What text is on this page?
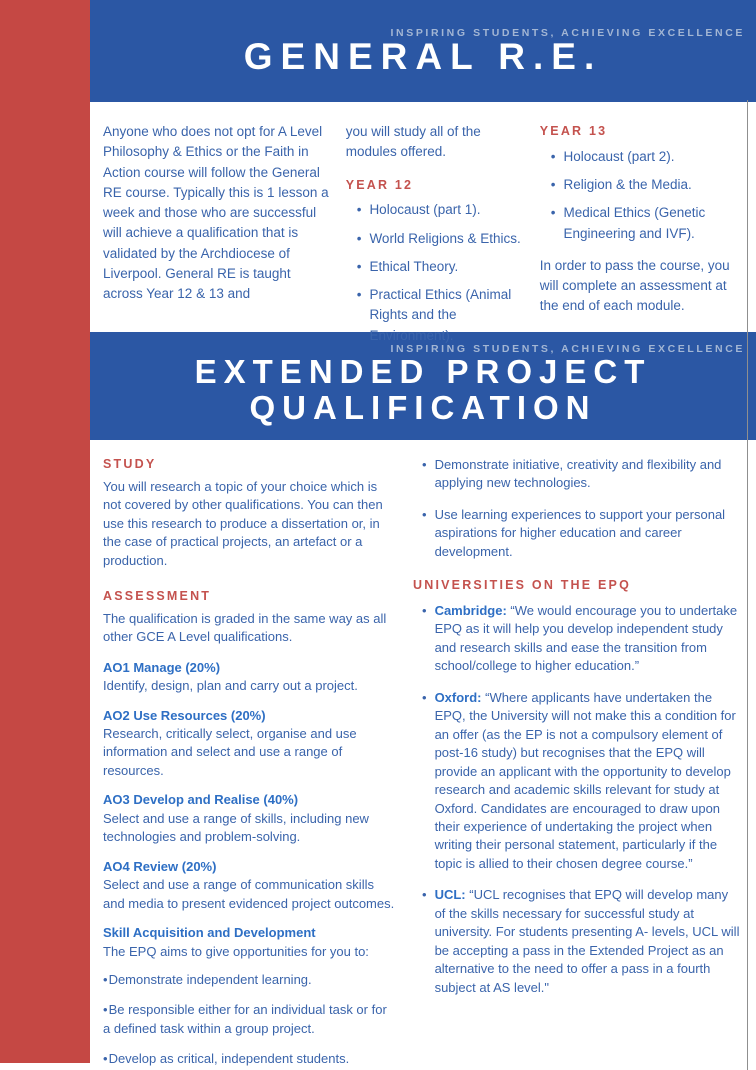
INSPIRING STUDENTS, ACHIEVING EXCELLENCE
GENERAL R.E.

Anyone who does not opt for A Level Philosophy & Ethics or the Faith in Action course will follow the General RE course. Typically this is 1 lesson a week and those who are successful will achieve a qualification that is validated by the Archdiocese of Liverpool. General RE is taught across Year 12 & 13 and

you will study all of the modules offered.

YEAR 12
• Holocaust (part 1).
• World Religions & Ethics.
• Ethical Theory.
• Practical Ethics (Animal Rights and the Environment).
YEAR 13
• Holocaust (part 2).
• Religion & the Media.
• Medical Ethics (Genetic Engineering and IVF).

In order to pass the course, you will complete an assessment at the end of each module.

INSPIRING STUDENTS, ACHIEVING EXCELLENCE
EXTENDED PROJECT
QUALIFICATION
STUDY

You will research a topic of your choice which is not covered by other qualifications. You can then use this research to produce a dissertation or, in the case of practical projects, an artefact or a production.

ASSESSMENT

The qualification is graded in the same way as all other GCE A Level qualifications.

AO1 Manage (20%)

Identify, design, plan and carry out a project.

AO2 Use Resources (20%)

Research, critically select, organise and use information and select and use a range of resources.

AO3 Develop and Realise (40%)

Select and use a range of skills, including new technologies and problem-solving.

AO4 Review (20%)

Select and use a range of communication skills and media to present evidenced project outcomes.

Skill Acquisition and Development

The EPQ aims to give opportunities for you to:

•Demonstrate independent learning.

•Be responsible either for an individual task or for a defined task within a group project.

•Develop as critical, independent students.

• Demonstrate initiative, creativity and flexibility and applying new technologies.
• Use learning experiences to support your personal aspirations for higher education and career development.
UNIVERSITIES ON THE EPQ
• Cambridge: “We would encourage you to undertake EPQ as it will help you develop independent study and research skills and ease the transition from school/college to higher education.”
• Oxford: “Where applicants have undertaken the EPQ, the University will not make this a condition for an offer (as the EP is not a compulsory element of post-16 study) but recognises that the EPQ will provide an applicant with the opportunity to develop research and academic skills relevant for study at Oxford. Candidates are encouraged to draw upon their experience of undertaking the project when writing their personal statement, particularly if the topic is allied to their chosen degree course.”
• UCL: “UCL recognises that EPQ will develop many of the skills necessary for successful study at university. For students presenting A- levels, UCL will be accepting a pass in the Extended Project as an alternative to the need to offer a pass in a fourth subject at AS level."
